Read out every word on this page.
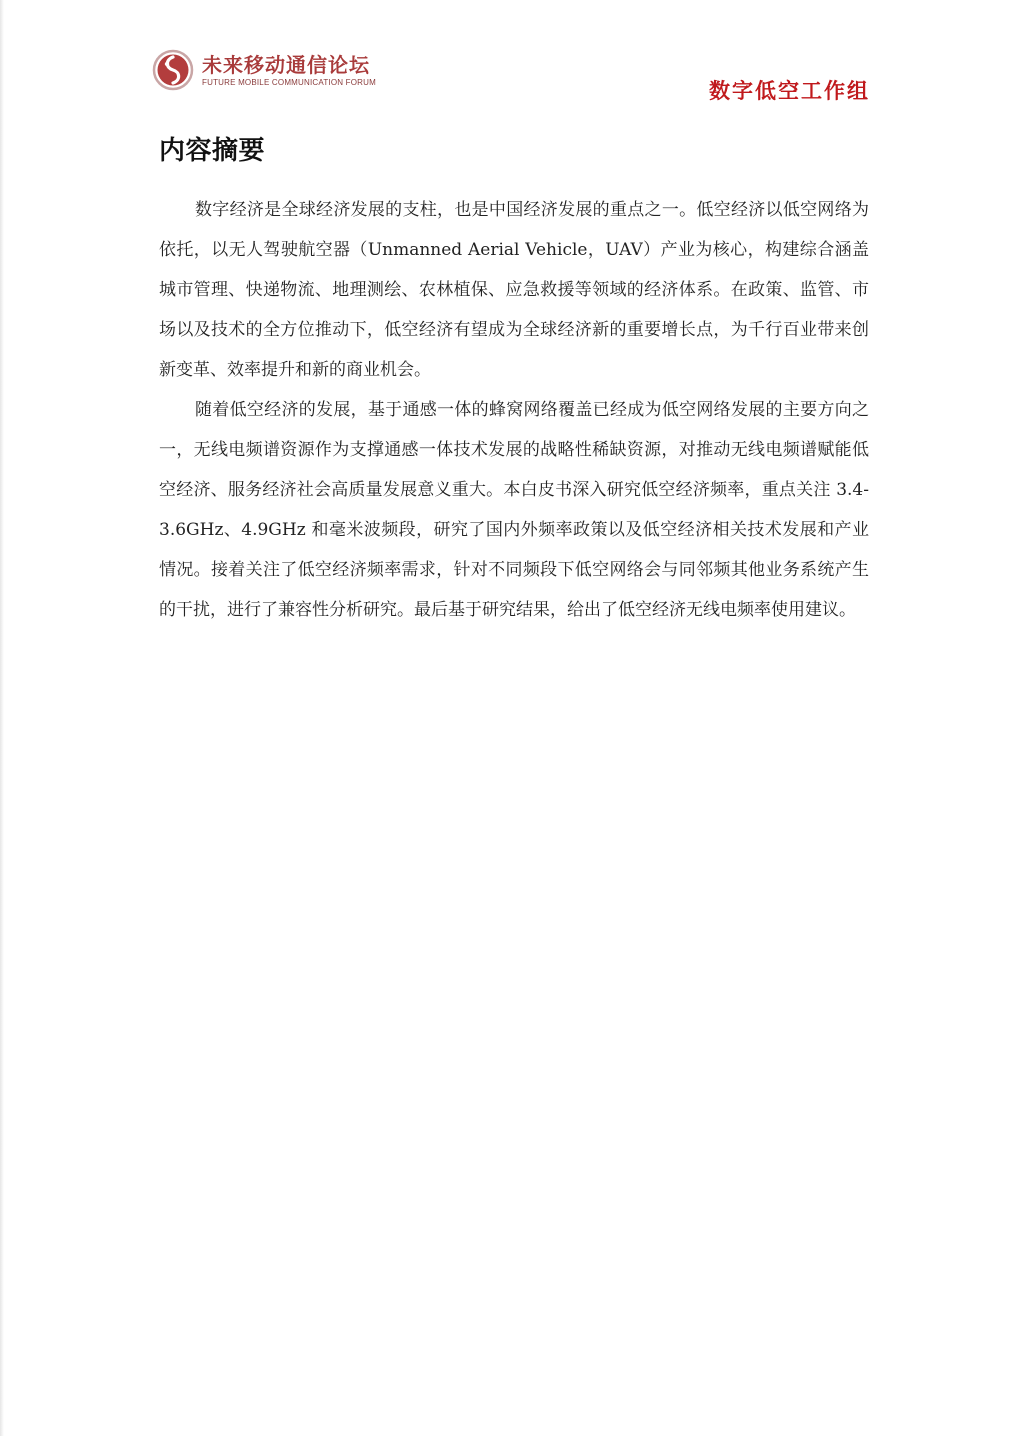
未来移动通信论坛
FUTURE MOBILE COMMUNICATION FORUM	数字低空工作组
内容摘要

数字经济是全球经济发展的支柱，也是中国经济发展的重点之一。低空经济以低空网络为依托，以无人驾驶航空器（Unmanned Aerial Vehicle，UAV）产业为核心，构建综合涵盖 城市管理、快递物流、地理测绘、农林植保、应急救援等领域的经济体系。在政策、监管、市场以及技术的全方位推动下，低空经济有望成为全球经济新的重要增长点，为千行百业带来创新变革、效率提升和新的商业机会。

随着低空经济的发展，基于通感一体的蜂窝网络覆盖已经成为低空网络发展的主要方向之一，无线电频谱资源作为支撑通感一体技术发展的战略性稀缺资源，对推动无线电频谱赋能低空经济、服务经济社会高质量发展意义重大。本白皮书深入研究低空经济频率，重点关注 3.4-3.6GHz、4.9GHz 和毫米波频段，研究了国内外频率政策以及低空经济相关技术发展和产业情况。接着关注了低空经济频率需求，针对不同频段下低空网络会与同邻频其他业务系统产生的干扰，进行了兼容性分析研究。最后基于研究结果，给出了低空经济无线电频率使用建议。
